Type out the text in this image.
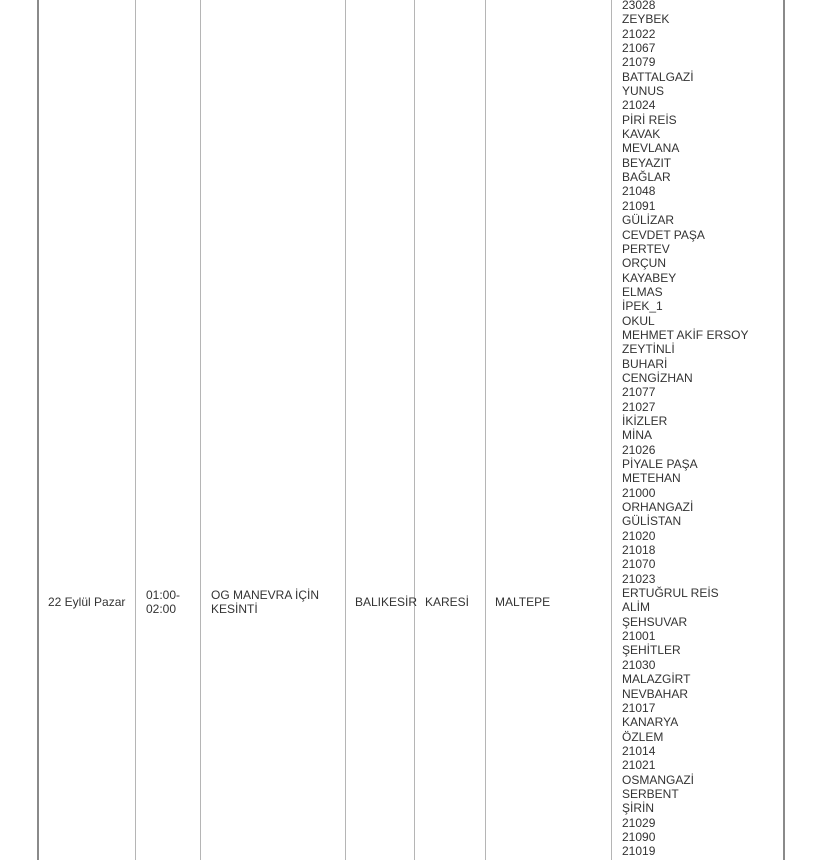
22 Eylül Pazar 01:00-
02:00
OG MANEVRA İÇİN
KESİNTİ
BALIKESİR KARESİ MALTEPE
23028
ZEYBEK
21022
21067
21079
BATTALGAZİ
YUNUS
21024
PİRİ REİS
KAVAK
MEVLANA
BEYAZIT
BAĞLAR
21048
21091
GÜLİZAR
CEVDET PAŞA
PERTEV
ORÇUN
KAYABEY
ELMAS
İPEK_1
OKUL
MEHMET AKİF ERSOY
ZEYTİNLİ
BUHARİ
CENGİZHAN
21077
21027
İKİZLER
MİNA
21026
PİYALE PAŞA
METEHAN
21000
ORHANGAZİ
GÜLİSTAN
21020
21018
21070
21023
ERTUĞRUL REİS
ALİM
ŞEHSUVAR
21001
ŞEHİTLER
21030
MALAZGİRT
NEVBAHAR
21017
KANARYA
ÖZLEM
21014
21021
OSMANGAZİ
SERBENT
ŞİRİN
21029
21090
21019
